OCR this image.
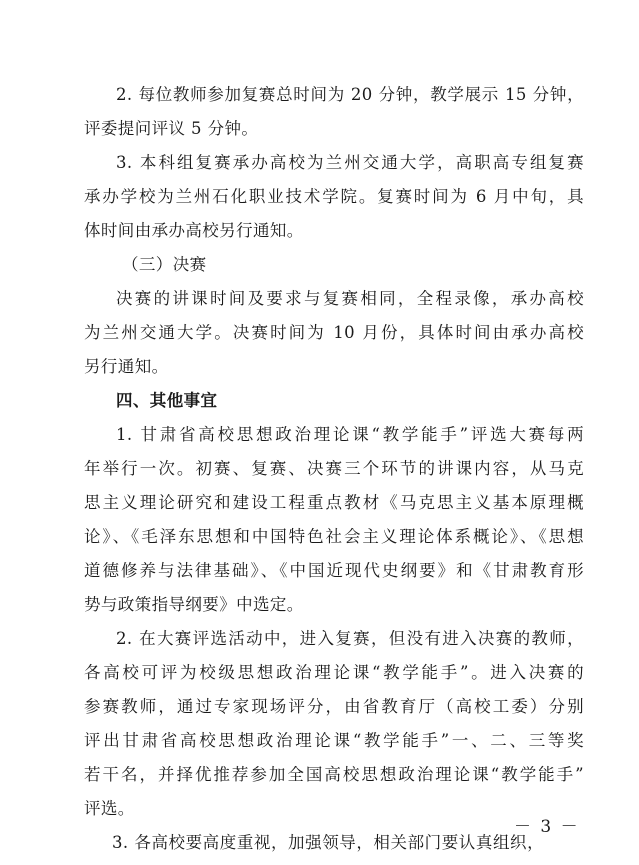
2. 每位教师参加复赛总时间为 20 分钟，教学展示 15 分钟，
评委提问评议 5 分钟。
3. 本科组复赛承办高校为兰州交通大学，高职高专组复赛
承办学校为兰州石化职业技术学院。复赛时间为 6 月中旬，具
体时间由承办高校另行通知。
（三）决赛
决赛的讲课时间及要求与复赛相同，全程录像，承办高校
为兰州交通大学。决赛时间为 10 月份，具体时间由承办高校
另行通知。
四、其他事宜
1. 甘肃省高校思想政治理论课“教学能手”评选大赛每两
年举行一次。初赛、复赛、决赛三个环节的讲课内容，从马克
思主义理论研究和建设工程重点教材《马克思主义基本原理概
论》、《毛泽东思想和中国特色社会主义理论体系概论》、《思想
道德修养与法律基础》、《中国近现代史纲要》和《甘肃教育形
势与政策指导纲要》中选定。
2. 在大赛评选活动中，进入复赛，但没有进入决赛的教师，
各高校可评为校级思想政治理论课“教学能手”。进入决赛的
参赛教师，通过专家现场评分，由省教育厅（高校工委）分别
评出甘肃省高校思想政治理论课“教学能手”一、二、三等奖
若干名，并择优推荐参加全国高校思想政治理论课“教学能手”
评选。
3. 各高校要高度重视，加强领导，相关部门要认真组织，
－ 3 －
